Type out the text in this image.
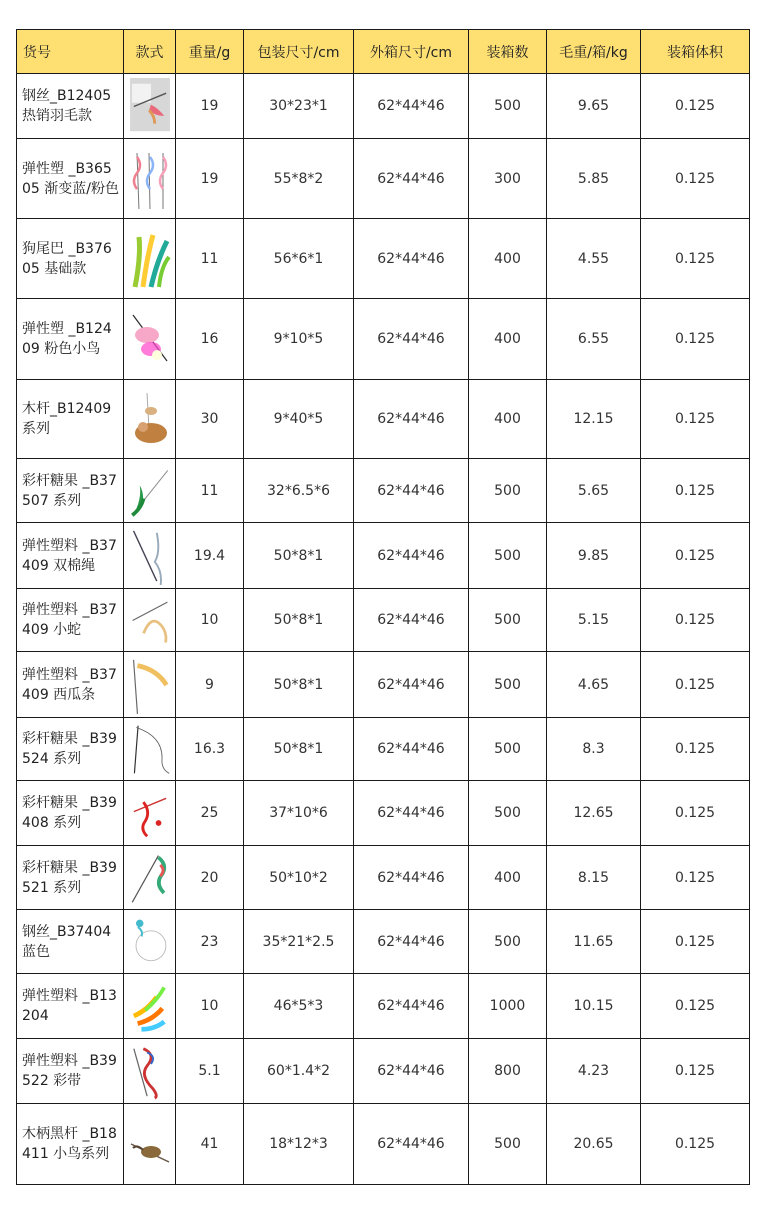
货号	款式	重量/g	包装尺寸/cm	外箱尺寸/cm	装箱数	毛重/箱/kg	装箱体积
钢丝_B12405 热销羽毛款		19	30*23*1	62*44*46	500	9.65	0.125
弹性塑 _B36505 渐变蓝/粉色		19	55*8*2	62*44*46	300	5.85	0.125
狗尾巴 _B37605 基础款		11	56*6*1	62*44*46	400	4.55	0.125
弹性塑 _B12409 粉色小鸟		16	9*10*5	62*44*46	400	6.55	0.125
木杆_B12409 系列		30	9*40*5	62*44*46	400	12.15	0.125
彩杆糖果 _B37507 系列		11	32*6.5*6	62*44*46	500	5.65	0.125
弹性塑料 _B37409 双棉绳		19.4	50*8*1	62*44*46	500	9.85	0.125
弹性塑料 _B37409 小蛇		10	50*8*1	62*44*46	500	5.15	0.125
弹性塑料 _B37409 西瓜条		9	50*8*1	62*44*46	500	4.65	0.125
彩杆糖果 _B39524 系列		16.3	50*8*1	62*44*46	500	8.3	0.125
彩杆糖果 _B39408 系列		25	37*10*6	62*44*46	500	12.65	0.125
彩杆糖果 _B39521 系列		20	50*10*2	62*44*46	400	8.15	0.125
钢丝_B37404 蓝色		23	35*21*2.5	62*44*46	500	11.65	0.125
弹性塑料 _B13204		10	46*5*3	62*44*46	1000	10.15	0.125
弹性塑料 _B39522 彩带		5.1	60*1.4*2	62*44*46	800	4.23	0.125
木柄黑杆 _B18411 小鸟系列		41	18*12*3	62*44*46	500	20.65	0.125
